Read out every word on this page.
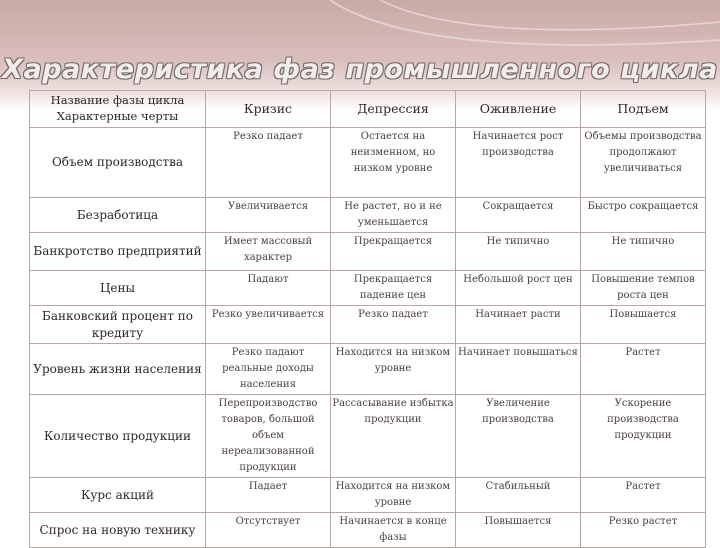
Характеристика фаз промышленного цикла
Название фазы цикла
Характерные черты	Кризис	Депрессия	Оживление	Подъем
Объем производства	Резко падает	Остается на неизменном, но низком уровне	Начинается рост производства	Объемы производства продолжают увеличиваться
Безработица	Увеличивается	Не растет, но и не уменьшается	Сокращается	Быстро сокращается
Банкротство предприятий	Имеет массовый характер	Прекращается	Не типично	Не типично
Цены	Падают	Прекращается падение цен	Небольшой рост цен	Повышение темпов роста цен
Банковский процент по кредиту	Резко увеличивается	Резко падает	Начинает расти	Повышается
Уровень жизни населения	Резко падают реальные доходы населения	Находится на низком уровне	Начинает повышаться	Растет
Количество продукции	Перепроизводство товаров, большой объем нереализованной продукции	Рассасывание избытка продукции	Увеличение производства	Ускорение производства продукции
Курс акций	Падает	Находится на низком уровне	Стабильный	Растет
Спрос на новую технику	Отсутствует	Начинается в конце фазы	Повышается	Резко растет
